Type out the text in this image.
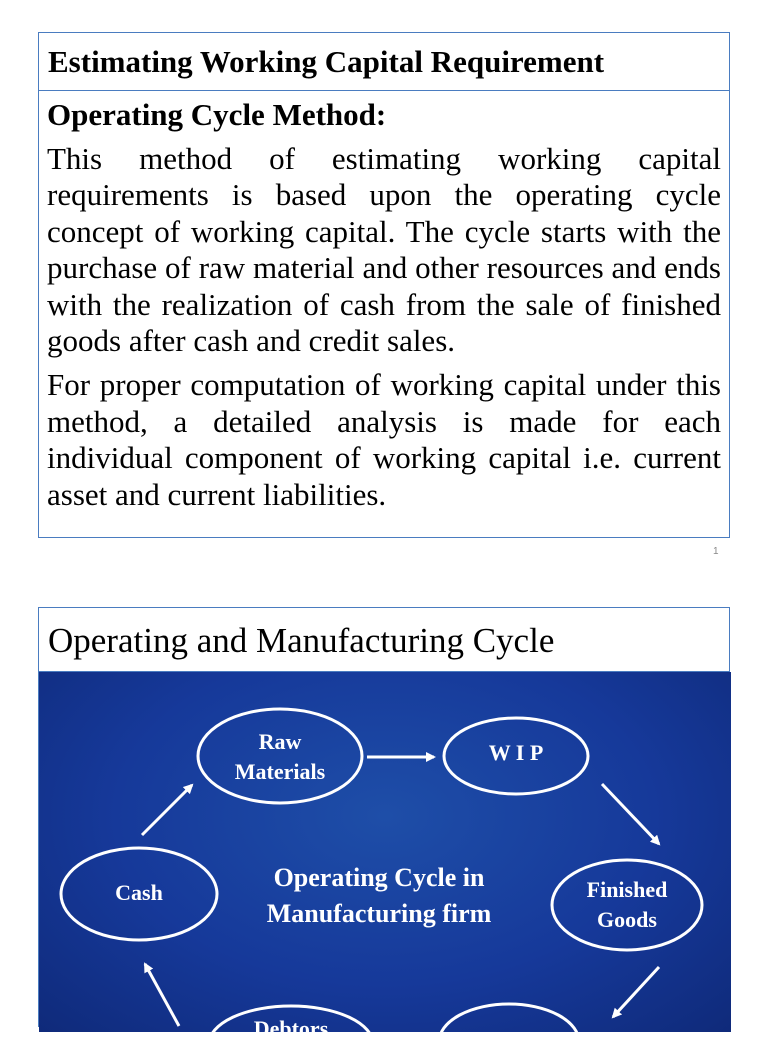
Estimating Working Capital Requirement
Operating Cycle Method:

This method of estimating working capital requirements is based upon the operating cycle concept of working capital. The cycle starts with the purchase of raw material and other resources and ends with the realization of cash from the sale of finished goods after cash and credit sales.

For proper computation of working capital under this method, a detailed analysis is made for each individual component of working capital i.e. current asset and current liabilities.

1
Operating and Manufacturing Cycle
Raw
Materials
W I P
Finished
Goods
Cash
Debtors
Operating Cycle in
Manufacturing firm
